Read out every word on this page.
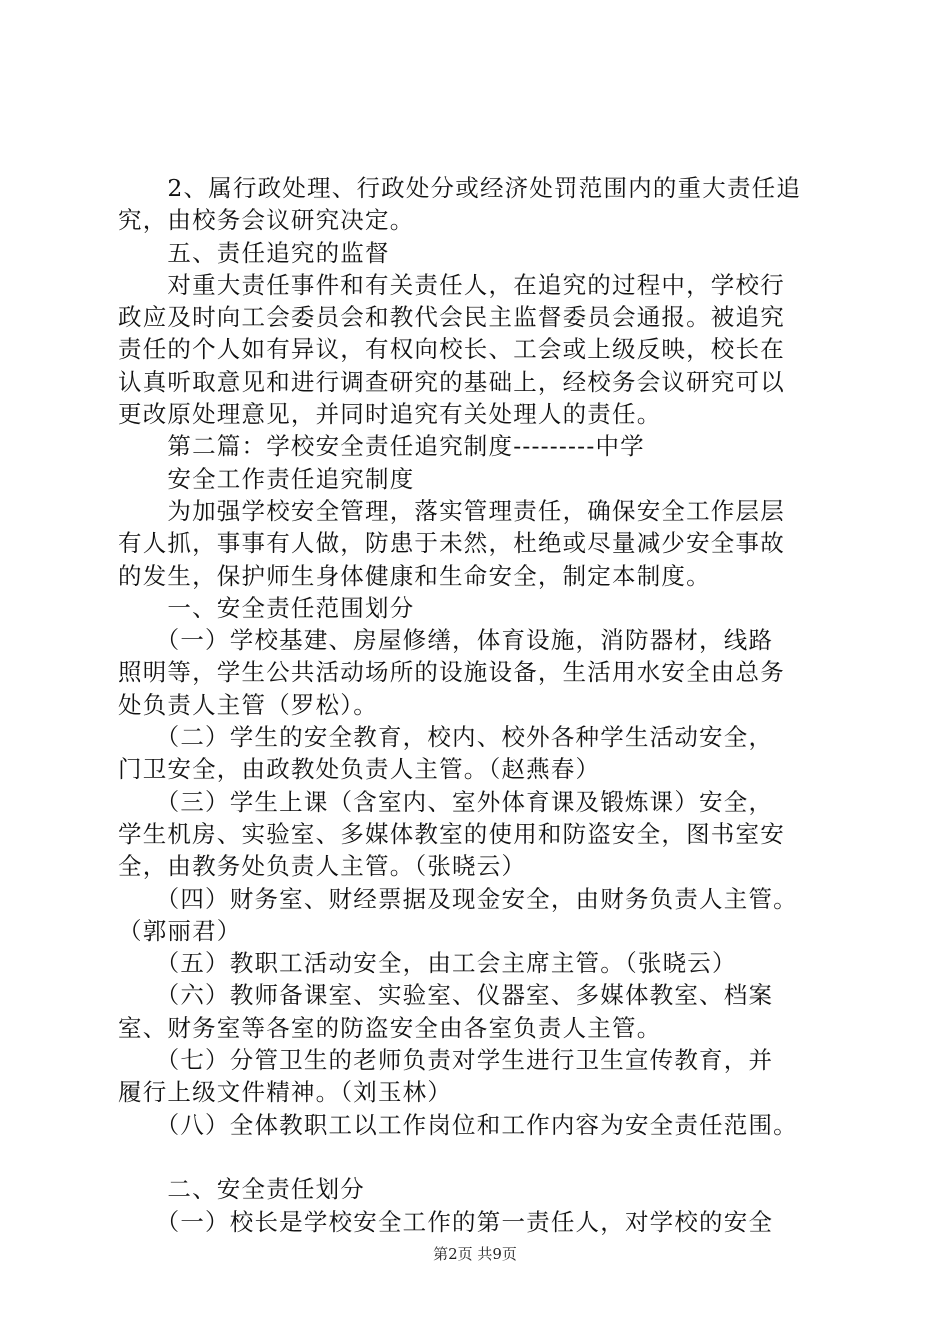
　　2、属行政处理、行政处分或经济处罚范围内的重大责任追

究，由校务会议研究决定。

　　五、责任追究的监督

　　对重大责任事件和有关责任人，在追究的过程中，学校行

政应及时向工会委员会和教代会民主监督委员会通报。被追究

责任的个人如有异议，有权向校长、工会或上级反映，校长在

认真听取意见和进行调查研究的基础上，经校务会议研究可以

更改原处理意见，并同时追究有关处理人的责任。

　　第二篇：学校安全责任追究制度---------中学

　　安全工作责任追究制度

　　为加强学校安全管理，落实管理责任，确保安全工作层层

有人抓，事事有人做，防患于未然，杜绝或尽量减少安全事故

的发生，保护师生身体健康和生命安全，制定本制度。

　　一、安全责任范围划分

　　（一）学校基建、房屋修缮，体育设施，消防器材，线路

照明等，学生公共活动场所的设施设备，生活用水安全由总务

处负责人主管（罗松）。

　　（二）学生的安全教育，校内、校外各种学生活动安全，

门卫安全，由政教处负责人主管。（赵燕春）

　　（三）学生上课（含室内、室外体育课及锻炼课）安全，

学生机房、实验室、多媒体教室的使用和防盗安全，图书室安

全，由教务处负责人主管。（张晓云）

　　（四）财务室、财经票据及现金安全，由财务负责人主管。

（郭丽君）

　　（五）教职工活动安全，由工会主席主管。（张晓云）

　　（六）教师备课室、实验室、仪器室、多媒体教室、档案

室、财务室等各室的防盗安全由各室负责人主管。

　　（七）分管卫生的老师负责对学生进行卫生宣传教育，并

履行上级文件精神。（刘玉林）

　　（八）全体教职工以工作岗位和工作内容为安全责任范围。

　　二、安全责任划分

　　（一）校长是学校安全工作的第一责任人，对学校的安全

第2页 共9页
